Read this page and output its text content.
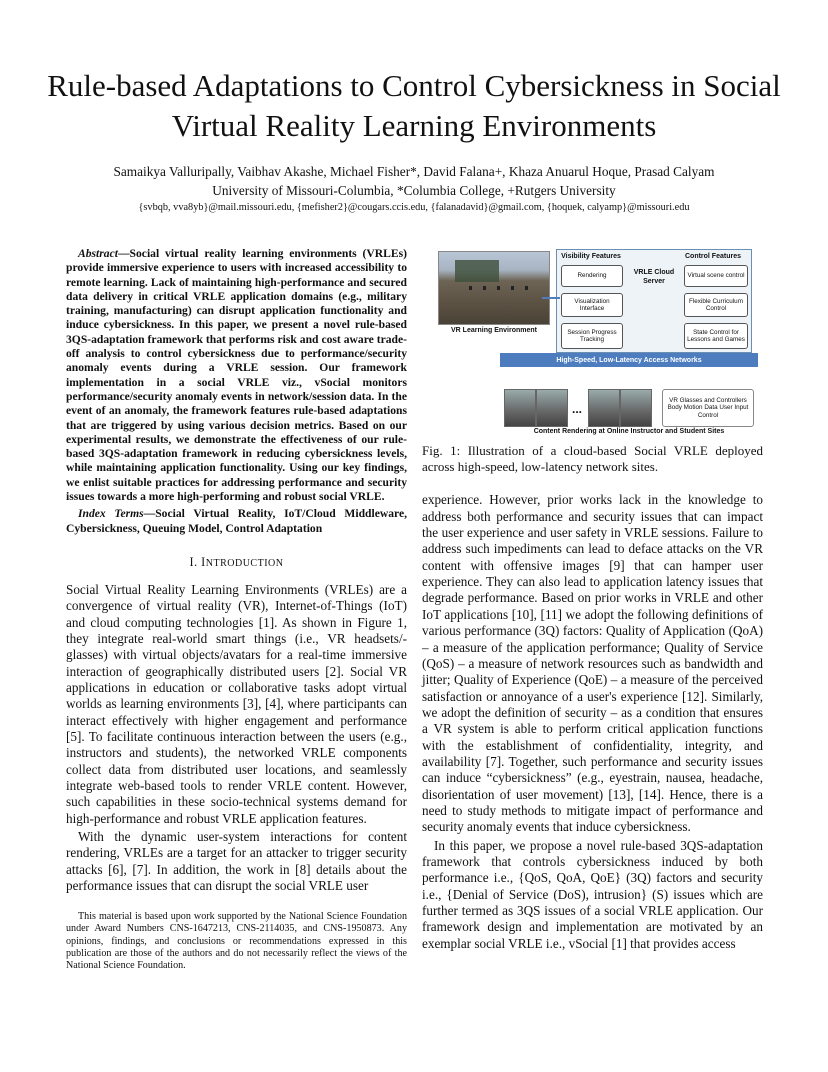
Rule-based Adaptations to Control Cybersickness in Social Virtual Reality Learning Environments
Samaikya Valluripally, Vaibhav Akashe, Michael Fisher*, David Falana+, Khaza Anuarul Hoque, Prasad Calyam
University of Missouri-Columbia, *Columbia College, +Rutgers University
{svbqb, vva8yb}@mail.missouri.edu, {mefisher2}@cougars.ccis.edu, {falanadavid}@gmail.com, {hoquek, calyamp}@missouri.edu

Abstract—Social virtual reality learning environments (VRLEs) provide immersive experience to users with increased accessibility to remote learning. Lack of maintaining high-performance and secured data delivery in critical VRLE application domains (e.g., military training, manufacturing) can disrupt application functionality and induce cybersickness. In this paper, we present a novel rule-based 3QS-adaptation framework that performs risk and cost aware trade-off analysis to control cybersickness due to performance/security anomaly events during a VRLE session. Our framework implementation in a social VRLE viz., vSocial monitors performance/security anomaly events in network/session data. In the event of an anomaly, the framework features rule-based adaptations that are triggered by using various decision metrics. Based on our experimental results, we demonstrate the effectiveness of our rule-based 3QS-adaptation framework in reducing cybersickness levels, while maintaining application functionality. Using our key findings, we enlist suitable practices for addressing performance and security issues towards a more high-performing and robust social VRLE.

Index Terms—Social Virtual Reality, IoT/Cloud Middleware, Cybersickness, Queuing Model, Control Adaptation

I. INTRODUCTION

Social Virtual Reality Learning Environments (VRLEs) are a convergence of virtual reality (VR), Internet-of-Things (IoT) and cloud computing technologies [1]. As shown in Figure 1, they integrate real-world smart things (i.e., VR headsets/-glasses) with virtual objects/avatars for a real-time immersive interaction of geographically distributed users [2]. Social VR applications in education or collaborative tasks adopt virtual worlds as learning environments [3], [4], where participants can interact effectively with higher engagement and performance [5]. To facilitate continuous interaction between the users (e.g., instructors and students), the networked VRLE components collect data from distributed user locations, and seamlessly integrate web-based tools to render VRLE content. However, such capabilities in these socio-technical systems demand for high-performance and robust VRLE application features.

With the dynamic user-system interactions for content rendering, VRLEs are a target for an attacker to trigger security attacks [6], [7]. In addition, the work in [8] details about the performance issues that can disrupt the social VRLE user

This material is based upon work supported by the National Science Foundation under Award Numbers CNS-1647213, CNS-2114035, and CNS-1950873. Any opinions, findings, and conclusions or recommendations expressed in this publication are those of the authors and do not necessarily reflect the views of the National Science Foundation.
VR Learning Environment
Visibility Features	Control Features
VRLE Cloud Server
Rendering
Visualization Interface
Session Progress Tracking
Virtual scene control
Flexible Curriculum Control
State Control for Lessons and Games
High-Speed, Low-Latency Access Networks
...
VR Glasses and Controllers Body Motion Data User Input Control
Content Rendering at Online Instructor and Student Sites

Fig. 1: Illustration of a cloud-based Social VRLE deployed across high-speed, low-latency network sites.

experience. However, prior works lack in the knowledge to address both performance and security issues that can impact the user experience and user safety in VRLE sessions. Failure to address such impediments can lead to deface attacks on the VR content with offensive images [9] that can hamper user experience. They can also lead to application latency issues that degrade performance. Based on prior works in VRLE and other IoT applications [10], [11] we adopt the following definitions of various performance (3Q) factors: Quality of Application (QoA) – a measure of the application performance; Quality of Service (QoS) – a measure of network resources such as bandwidth and jitter; Quality of Experience (QoE) – a measure of the perceived satisfaction or annoyance of a user's experience [12]. Similarly, we adopt the definition of security – as a condition that ensures a VR system is able to perform critical application functions with the establishment of confidentiality, integrity, and availability [7]. Together, such performance and security issues can induce “cybersickness” (e.g., eyestrain, nausea, headache, disorientation of user movement) [13], [14]. Hence, there is a need to study methods to mitigate impact of performance and security anomaly events that induce cybersickness.

In this paper, we propose a novel rule-based 3QS-adaptation framework that controls cybersickness induced by both performance i.e., {QoS, QoA, QoE} (3Q) factors and security i.e., {Denial of Service (DoS), intrusion} (S) issues which are further termed as 3QS issues of a social VRLE application. Our framework design and implementation are motivated by an exemplar social VRLE i.e., vSocial [1] that provides access
